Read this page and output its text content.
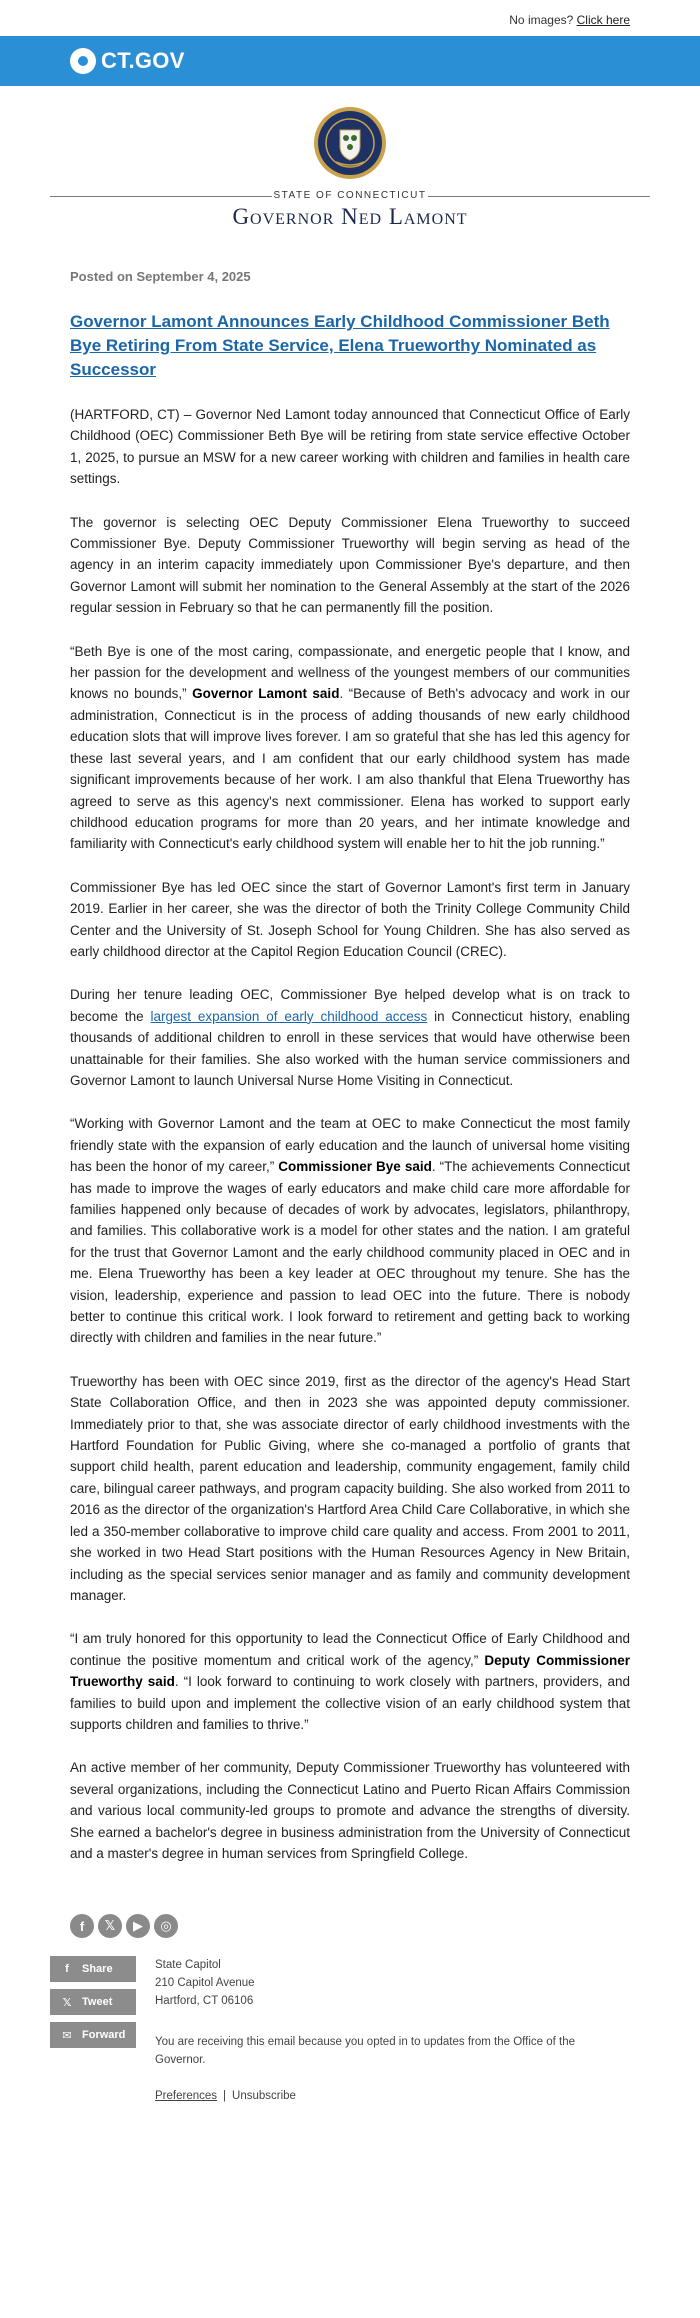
No images? Click here
CT.GOV
STATE OF CONNECTICUT
Governor Ned Lamont
Posted on September 4, 2025
Governor Lamont Announces Early Childhood Commissioner Beth Bye Retiring From State Service, Elena Trueworthy Nominated as Successor

(HARTFORD, CT) – Governor Ned Lamont today announced that Connecticut Office of Early Childhood (OEC) Commissioner Beth Bye will be retiring from state service effective October 1, 2025, to pursue an MSW for a new career working with children and families in health care settings.

The governor is selecting OEC Deputy Commissioner Elena Trueworthy to succeed Commissioner Bye. Deputy Commissioner Trueworthy will begin serving as head of the agency in an interim capacity immediately upon Commissioner Bye's departure, and then Governor Lamont will submit her nomination to the General Assembly at the start of the 2026 regular session in February so that he can permanently fill the position.

“Beth Bye is one of the most caring, compassionate, and energetic people that I know, and her passion for the development and wellness of the youngest members of our communities knows no bounds,” Governor Lamont said. “Because of Beth's advocacy and work in our administration, Connecticut is in the process of adding thousands of new early childhood education slots that will improve lives forever. I am so grateful that she has led this agency for these last several years, and I am confident that our early childhood system has made significant improvements because of her work. I am also thankful that Elena Trueworthy has agreed to serve as this agency's next commissioner. Elena has worked to support early childhood education programs for more than 20 years, and her intimate knowledge and familiarity with Connecticut's early childhood system will enable her to hit the job running.”

Commissioner Bye has led OEC since the start of Governor Lamont's first term in January 2019. Earlier in her career, she was the director of both the Trinity College Community Child Center and the University of St. Joseph School for Young Children. She has also served as early childhood director at the Capitol Region Education Council (CREC).

During her tenure leading OEC, Commissioner Bye helped develop what is on track to become the largest expansion of early childhood access in Connecticut history, enabling thousands of additional children to enroll in these services that would have otherwise been unattainable for their families. She also worked with the human service commissioners and Governor Lamont to launch Universal Nurse Home Visiting in Connecticut.

“Working with Governor Lamont and the team at OEC to make Connecticut the most family friendly state with the expansion of early education and the launch of universal home visiting has been the honor of my career,” Commissioner Bye said. “The achievements Connecticut has made to improve the wages of early educators and make child care more affordable for families happened only because of decades of work by advocates, legislators, philanthropy, and families. This collaborative work is a model for other states and the nation. I am grateful for the trust that Governor Lamont and the early childhood community placed in OEC and in me. Elena Trueworthy has been a key leader at OEC throughout my tenure. She has the vision, leadership, experience and passion to lead OEC into the future. There is nobody better to continue this critical work. I look forward to retirement and getting back to working directly with children and families in the near future.”

Trueworthy has been with OEC since 2019, first as the director of the agency's Head Start State Collaboration Office, and then in 2023 she was appointed deputy commissioner. Immediately prior to that, she was associate director of early childhood investments with the Hartford Foundation for Public Giving, where she co-managed a portfolio of grants that support child health, parent education and leadership, community engagement, family child care, bilingual career pathways, and program capacity building. She also worked from 2011 to 2016 as the director of the organization's Hartford Area Child Care Collaborative, in which she led a 350-member collaborative to improve child care quality and access. From 2001 to 2011, she worked in two Head Start positions with the Human Resources Agency in New Britain, including as the special services senior manager and as family and community development manager.

“I am truly honored for this opportunity to lead the Connecticut Office of Early Childhood and continue the positive momentum and critical work of the agency,” Deputy Commissioner Trueworthy said. “I look forward to continuing to work closely with partners, providers, and families to build upon and implement the collective vision of an early childhood system that supports children and families to thrive.”

An active member of her community, Deputy Commissioner Trueworthy has volunteered with several organizations, including the Connecticut Latino and Puerto Rican Affairs Commission and various local community-led groups to promote and advance the strengths of diversity. She earned a bachelor's degree in business administration from the University of Connecticut and a master's degree in human services from Springfield College.

f	𝕏	▶	◎
f	Share
𝕏 Tweet
✉ Forward
State Capitol
210 Capitol Avenue
Hartford, CT 06106
You are receiving this email because you opted in to updates from the Office of the Governor.
Preferences | Unsubscribe
